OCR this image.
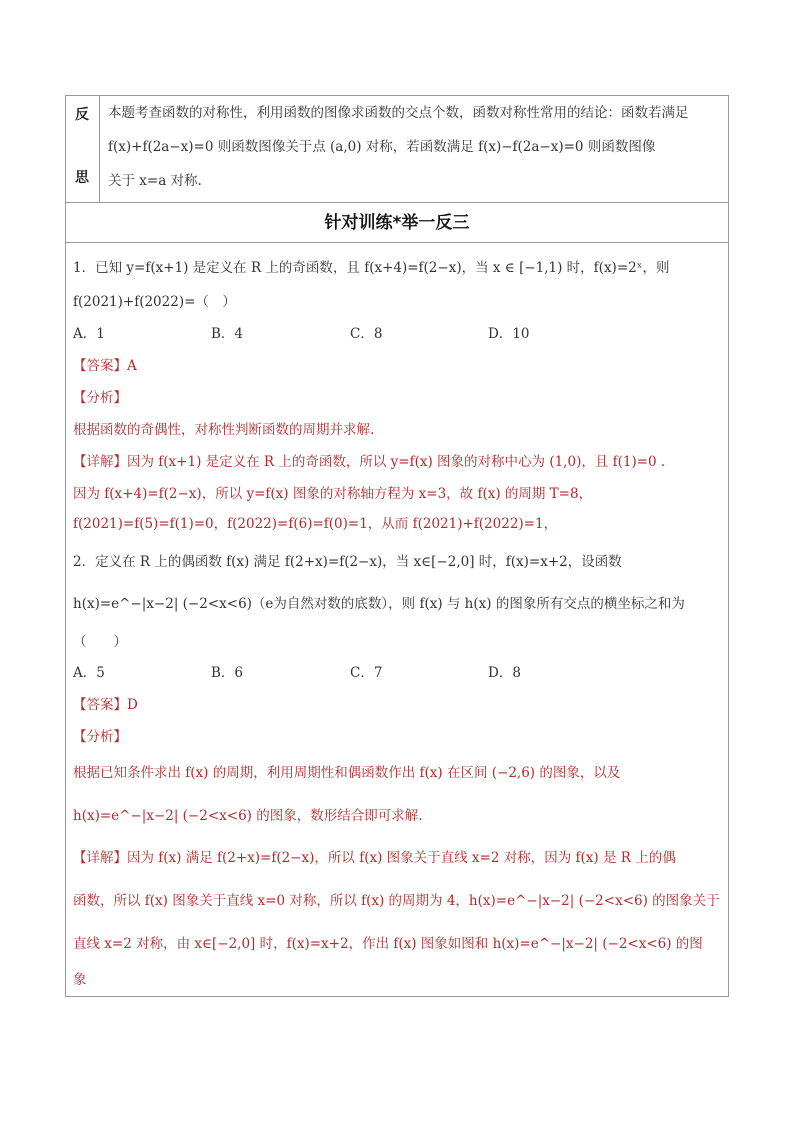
反
思
本题考查函数的对称性，利用函数的图像求函数的交点个数，函数对称性常用的结论：函数若满足
f(x)+f(2a−x)=0 则函数图像关于点 (a,0) 对称，若函数满足 f(x)−f(2a−x)=0 则函数图像
关于 x=a 对称.
针对训练*举一反三
1．已知 y=f(x+1) 是定义在 R 上的奇函数，且 f(x+4)=f(2−x)，当 x ∈ [−1,1) 时，f(x)=2ˣ，则
f(2021)+f(2022)=（　）
A．1	B．4	C．8	D．10
【答案】A
【分析】
根据函数的奇偶性，对称性判断函数的周期并求解.
【详解】因为 f(x+1) 是定义在 R 上的奇函数，所以 y=f(x) 图象的对称中心为 (1,0)，且 f(1)=0 .
因为 f(x+4)=f(2−x)，所以 y=f(x) 图象的对称轴方程为 x=3，故 f(x) 的周期 T=8，
f(2021)=f(5)=f(1)=0，f(2022)=f(6)=f(0)=1，从而 f(2021)+f(2022)=1，
2．定义在 R 上的偶函数 f(x) 满足 f(2+x)=f(2−x)，当 x∈[−2,0] 时，f(x)=x+2，设函数
h(x)=e^−|x−2| (−2<x<6)（e为自然对数的底数），则 f(x) 与 h(x) 的图象所有交点的横坐标之和为
（　　）
A．5	B．6	C．7	D．8
【答案】D
【分析】
根据已知条件求出 f(x) 的周期，利用周期性和偶函数作出 f(x) 在区间 (−2,6) 的图象，以及
h(x)=e^−|x−2| (−2<x<6) 的图象，数形结合即可求解.
【详解】因为 f(x) 满足 f(2+x)=f(2−x)，所以 f(x) 图象关于直线 x=2 对称，因为 f(x) 是 R 上的偶
函数，所以 f(x) 图象关于直线 x=0 对称，所以 f(x) 的周期为 4，h(x)=e^−|x−2| (−2<x<6) 的图象关于
直线 x=2 对称，由 x∈[−2,0] 时，f(x)=x+2，作出 f(x) 图象如图和 h(x)=e^−|x−2| (−2<x<6) 的图
象
